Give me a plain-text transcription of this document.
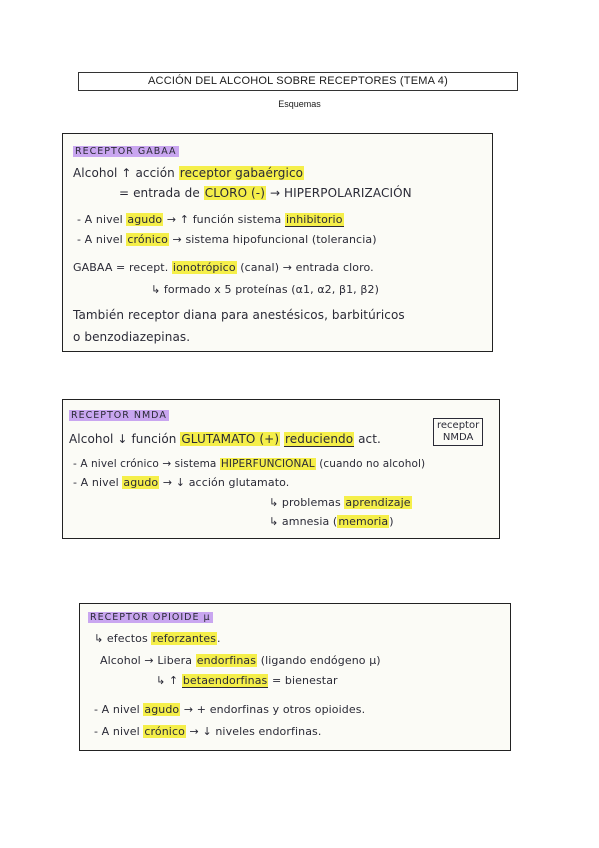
ACCIÓN DEL ALCOHOL SOBRE RECEPTORES (TEMA 4)
Esquemas
RECEPTOR GABAA
Alcohol ↑ acción receptor gabaérgico
= entrada de CLORO (-) → HIPERPOLARIZACIÓN
- A nivel agudo → ↑ función sistema inhibitorio
- A nivel crónico → sistema hipofuncional (tolerancia)
GABAA = recept. ionotrópico (canal) → entrada cloro.
↳ formado x 5 proteínas (α1, α2, β1, β2)
También receptor diana para anestésicos, barbitúricos
o benzodiazepinas.
RECEPTOR NMDA
Alcohol ↓ función GLUTAMATO (+) reduciendo act.
receptor
NMDA
- A nivel crónico → sistema HIPERFUNCIONAL (cuando no alcohol)
- A nivel agudo → ↓ acción glutamato.
↳ problemas aprendizaje
↳ amnesia (memoria)
RECEPTOR OPIOIDE μ
↳ efectos reforzantes.
Alcohol → Libera endorfinas (ligando endógeno μ)
↳ ↑ betaendorfinas = bienestar
- A nivel agudo → + endorfinas y otros opioides.
- A nivel crónico → ↓ niveles endorfinas.
